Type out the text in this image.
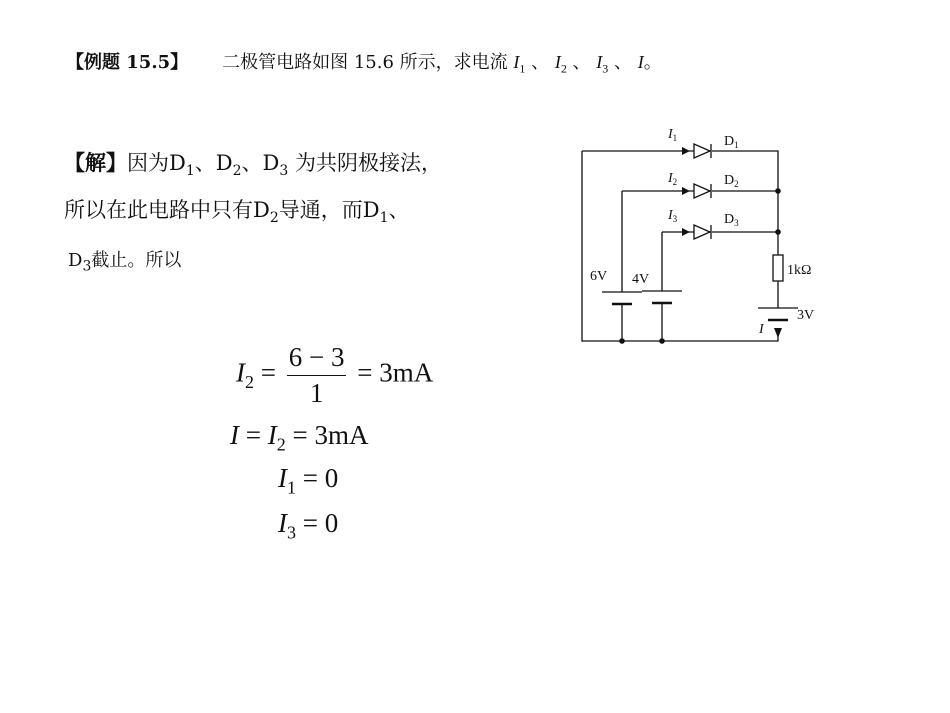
【例题 15.5】 二极管电路如图 15.6 所示，求电流 $I_1$ 、 $I_2$ 、 $I_3$ 、 I。
【解】因为$D_1$、$D_2$、$D_3$ 为共阴极接法，
所以在此电路中只有$D_2$导通，而$D_1$、
$D_3$截止。所以
$I_2 = \frac{6 - 3}{1} = 3mA$
$I = I_2 = 3mA$
$I_1 = 0$
$I_3 = 0$
$I_1$
$I_2$
$I_3$
$D_1$
$D_2$
$D_3$
6V 4V
1kΩ
3V
I
